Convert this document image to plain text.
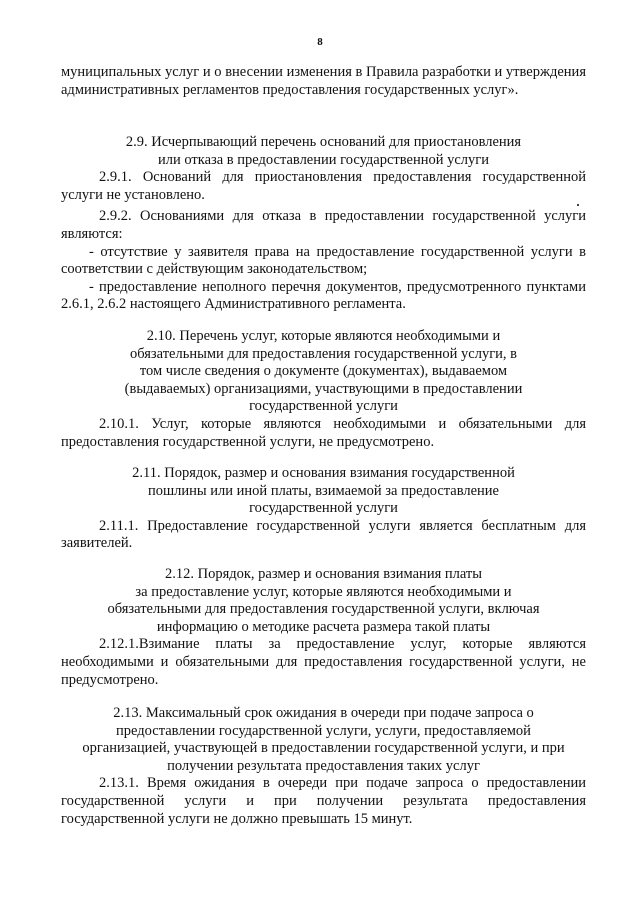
8

муниципальных услуг и о внесении изменения в Правила разработки и утверждения административных регламентов предоставления государственных услуг».

2.9. Исчерпывающий перечень оснований для приостановления
или отказа в предоставлении государственной услуги

2.9.1. Оснований для приостановления предоставления государственной услуги не установлено.

2.9.2. Основаниями для отказа в предоставлении государственной услуги являются:

- отсутствие у заявителя права на предоставление государственной услуги в соответствии с действующим законодательством;

- предоставление неполного перечня документов, предусмотренного пунктами 2.6.1, 2.6.2 настоящего Административного регламента.

2.10. Перечень услуг, которые являются необходимыми и
обязательными для предоставления государственной услуги, в
том числе сведения о документе (документах), выдаваемом
(выдаваемых) организациями, участвующими в предоставлении
государственной услуги

2.10.1. Услуг, которые являются необходимыми и обязательными для предоставления государственной услуги, не предусмотрено.

2.11. Порядок, размер и основания взимания государственной
пошлины или иной платы, взимаемой за предоставление
государственной услуги

2.11.1. Предоставление государственной услуги является бесплатным для заявителей.

2.12. Порядок, размер и основания взимания платы
за предоставление услуг, которые являются необходимыми и
обязательными для предоставления государственной услуги, включая
информацию о методике расчета размера такой платы

2.12.1.Взимание платы за предоставление услуг, которые являются необходимыми и обязательными для предоставления государственной услуги, не предусмотрено.

2.13. Максимальный срок ожидания в очереди при подаче запроса о
предоставлении государственной услуги, услуги, предоставляемой
организацией, участвующей в предоставлении государственной услуги, и при
получении результата предоставления таких услуг

2.13.1. Время ожидания в очереди при подаче запроса о предоставлении государственной услуги и при получении результата предоставления государственной услуги не должно превышать 15 минут.
